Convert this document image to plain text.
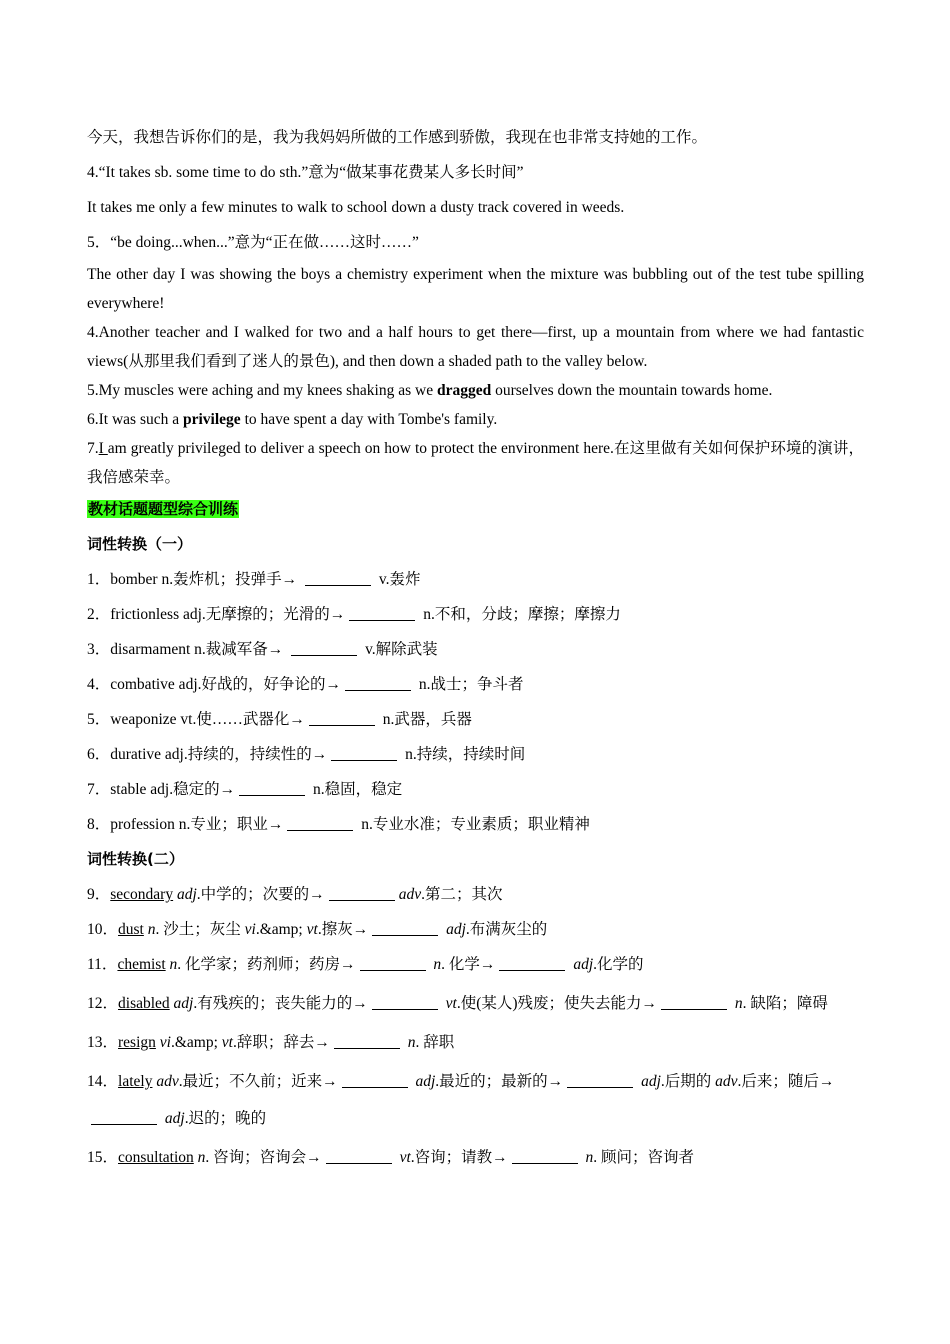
今天，我想告诉你们的是，我为我妈妈所做的工作感到骄傲，我现在也非常支持她的工作。

4.“It takes sb. some time to do sth.”意为“做某事花费某人多长时间”

It takes me only a few minutes to walk to school down a dusty track covered in weeds.

5．“be doing...when...”意为“正在做……这时……”

The other day I was showing the boys a chemistry experiment when the mixture was bubbling out of the test tube spilling everywhere!

4.Another teacher and I walked for two and a half hours to get there—first, up a mountain from where we had fantastic views(从那里我们看到了迷人的景色), and then down a shaded path to the valley below.

5.My muscles were aching and my knees shaking as we dragged ourselves down the mountain towards home.

6.It was such a privilege to have spent a day with Tombe's family.

7.I am greatly privileged to deliver a speech on how to protect the environment here.在这里做有关如何保护环境的演讲，我倍感荣幸。

教材话题题型综合训练

词性转换（一）

1．bomber n.轰炸机；投弹手→	v.轰炸

2．frictionless adj.无摩擦的；光滑的→	n.不和，分歧；摩擦；摩擦力

3．disarmament n.裁减军备→	v.解除武装

4．combative adj.好战的，好争论的→	n.战士；争斗者

5．weaponize vt.使……武器化→	n.武器，兵器

6．durative adj.持续的，持续性的→	n.持续，持续时间

7．stable adj.稳定的→	n.稳固，稳定

8．profession n.专业；职业→	n.专业水准；专业素质；职业精神

词性转换(二）

9．secondary adj.中学的；次要的→	adv.第二；其次

10．dust n. 沙土；灰尘 vi.&amp; vt.擦灰→	adj.布满灰尘的

11．chemist n. 化学家；药剂师；药房→	n. 化学→	adj.化学的

12．disabled adj.有残疾的；丧失能力的→	vt.使(某人)残废；使失去能力→	n. 缺陷；障碍

13．resign vi.&amp; vt.辞职；辞去→	n. 辞职

14．lately adv.最近；不久前；近来→	adj.最近的；最新的→	adj.后期的 adv.后来；随后→ adj.迟的；晚的

15．consultation n. 咨询；咨询会→	vt.咨询；请教→	n. 顾问；咨询者
